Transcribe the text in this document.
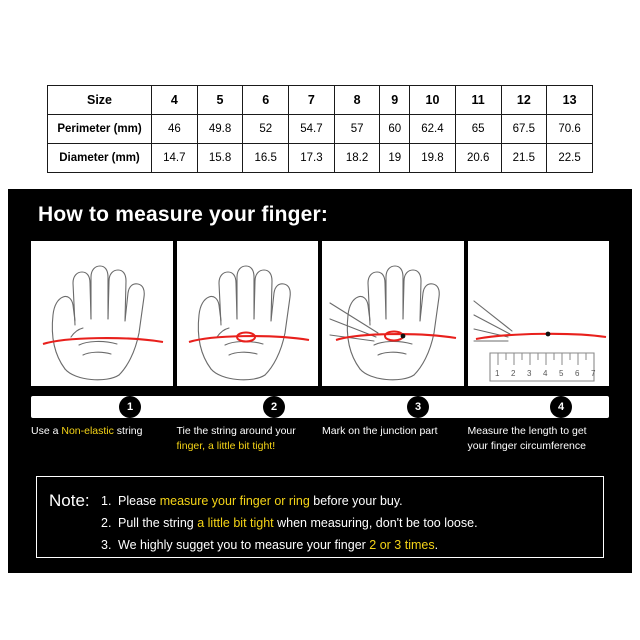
Size	4	5	6	7	8	9	10	11	12	13
Perimeter (mm)	46	49.8	52	54.7	57	60	62.4	65	67.5	70.6
Diameter (mm)	14.7	15.8	16.5	17.3	18.2	19	19.8	20.6	21.5	22.5
How to measure your finger:
1 2 3 4 5 6 7
1	2	3	4
Use a Non-elastic string	Tie the string around your finger, a little bit tight!
Mark on the junction part	Measure the length to get your finger circumference
Note: 1. Please measure your finger or ring before your buy.
2. Pull the string a little bit tight when measuring, don't be too loose.
3. We highly sugget you to measure your finger 2 or 3 times.
